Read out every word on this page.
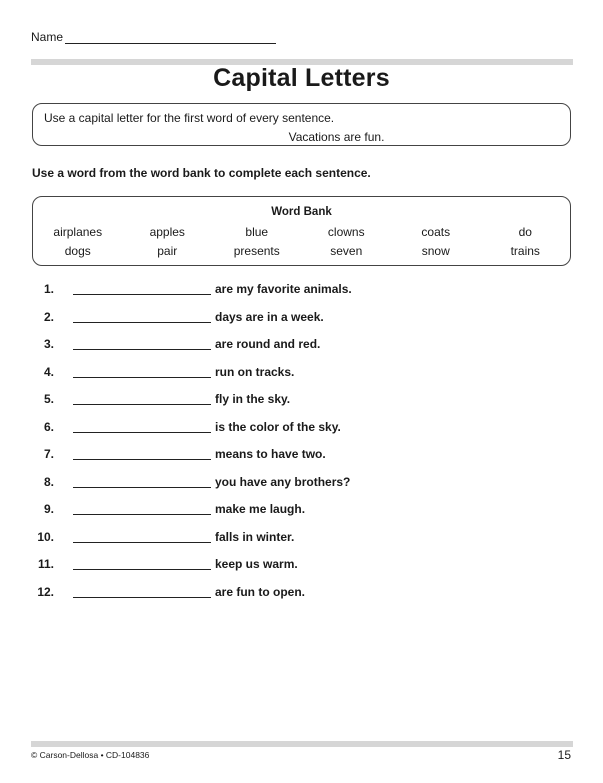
Name
Capital Letters
Use a capital letter for the first word of every sentence.
Vacations are fun.
Use a word from the word bank to complete each sentence.
Word Bank
airplanes	apples	blue	clowns	coats	do
dogs	pair	presents	seven	snow	trains
1.	are my favorite animals.
2.	days are in a week.
3.	are round and red.
4.	run on tracks.
5.	fly in the sky.
6.	is the color of the sky.
7.	means to have two.
8.	you have any brothers?
9.	make me laugh.
10.	falls in winter.
11.	keep us warm.
12.	are fun to open.
© Carson-Dellosa • CD-104836	15
